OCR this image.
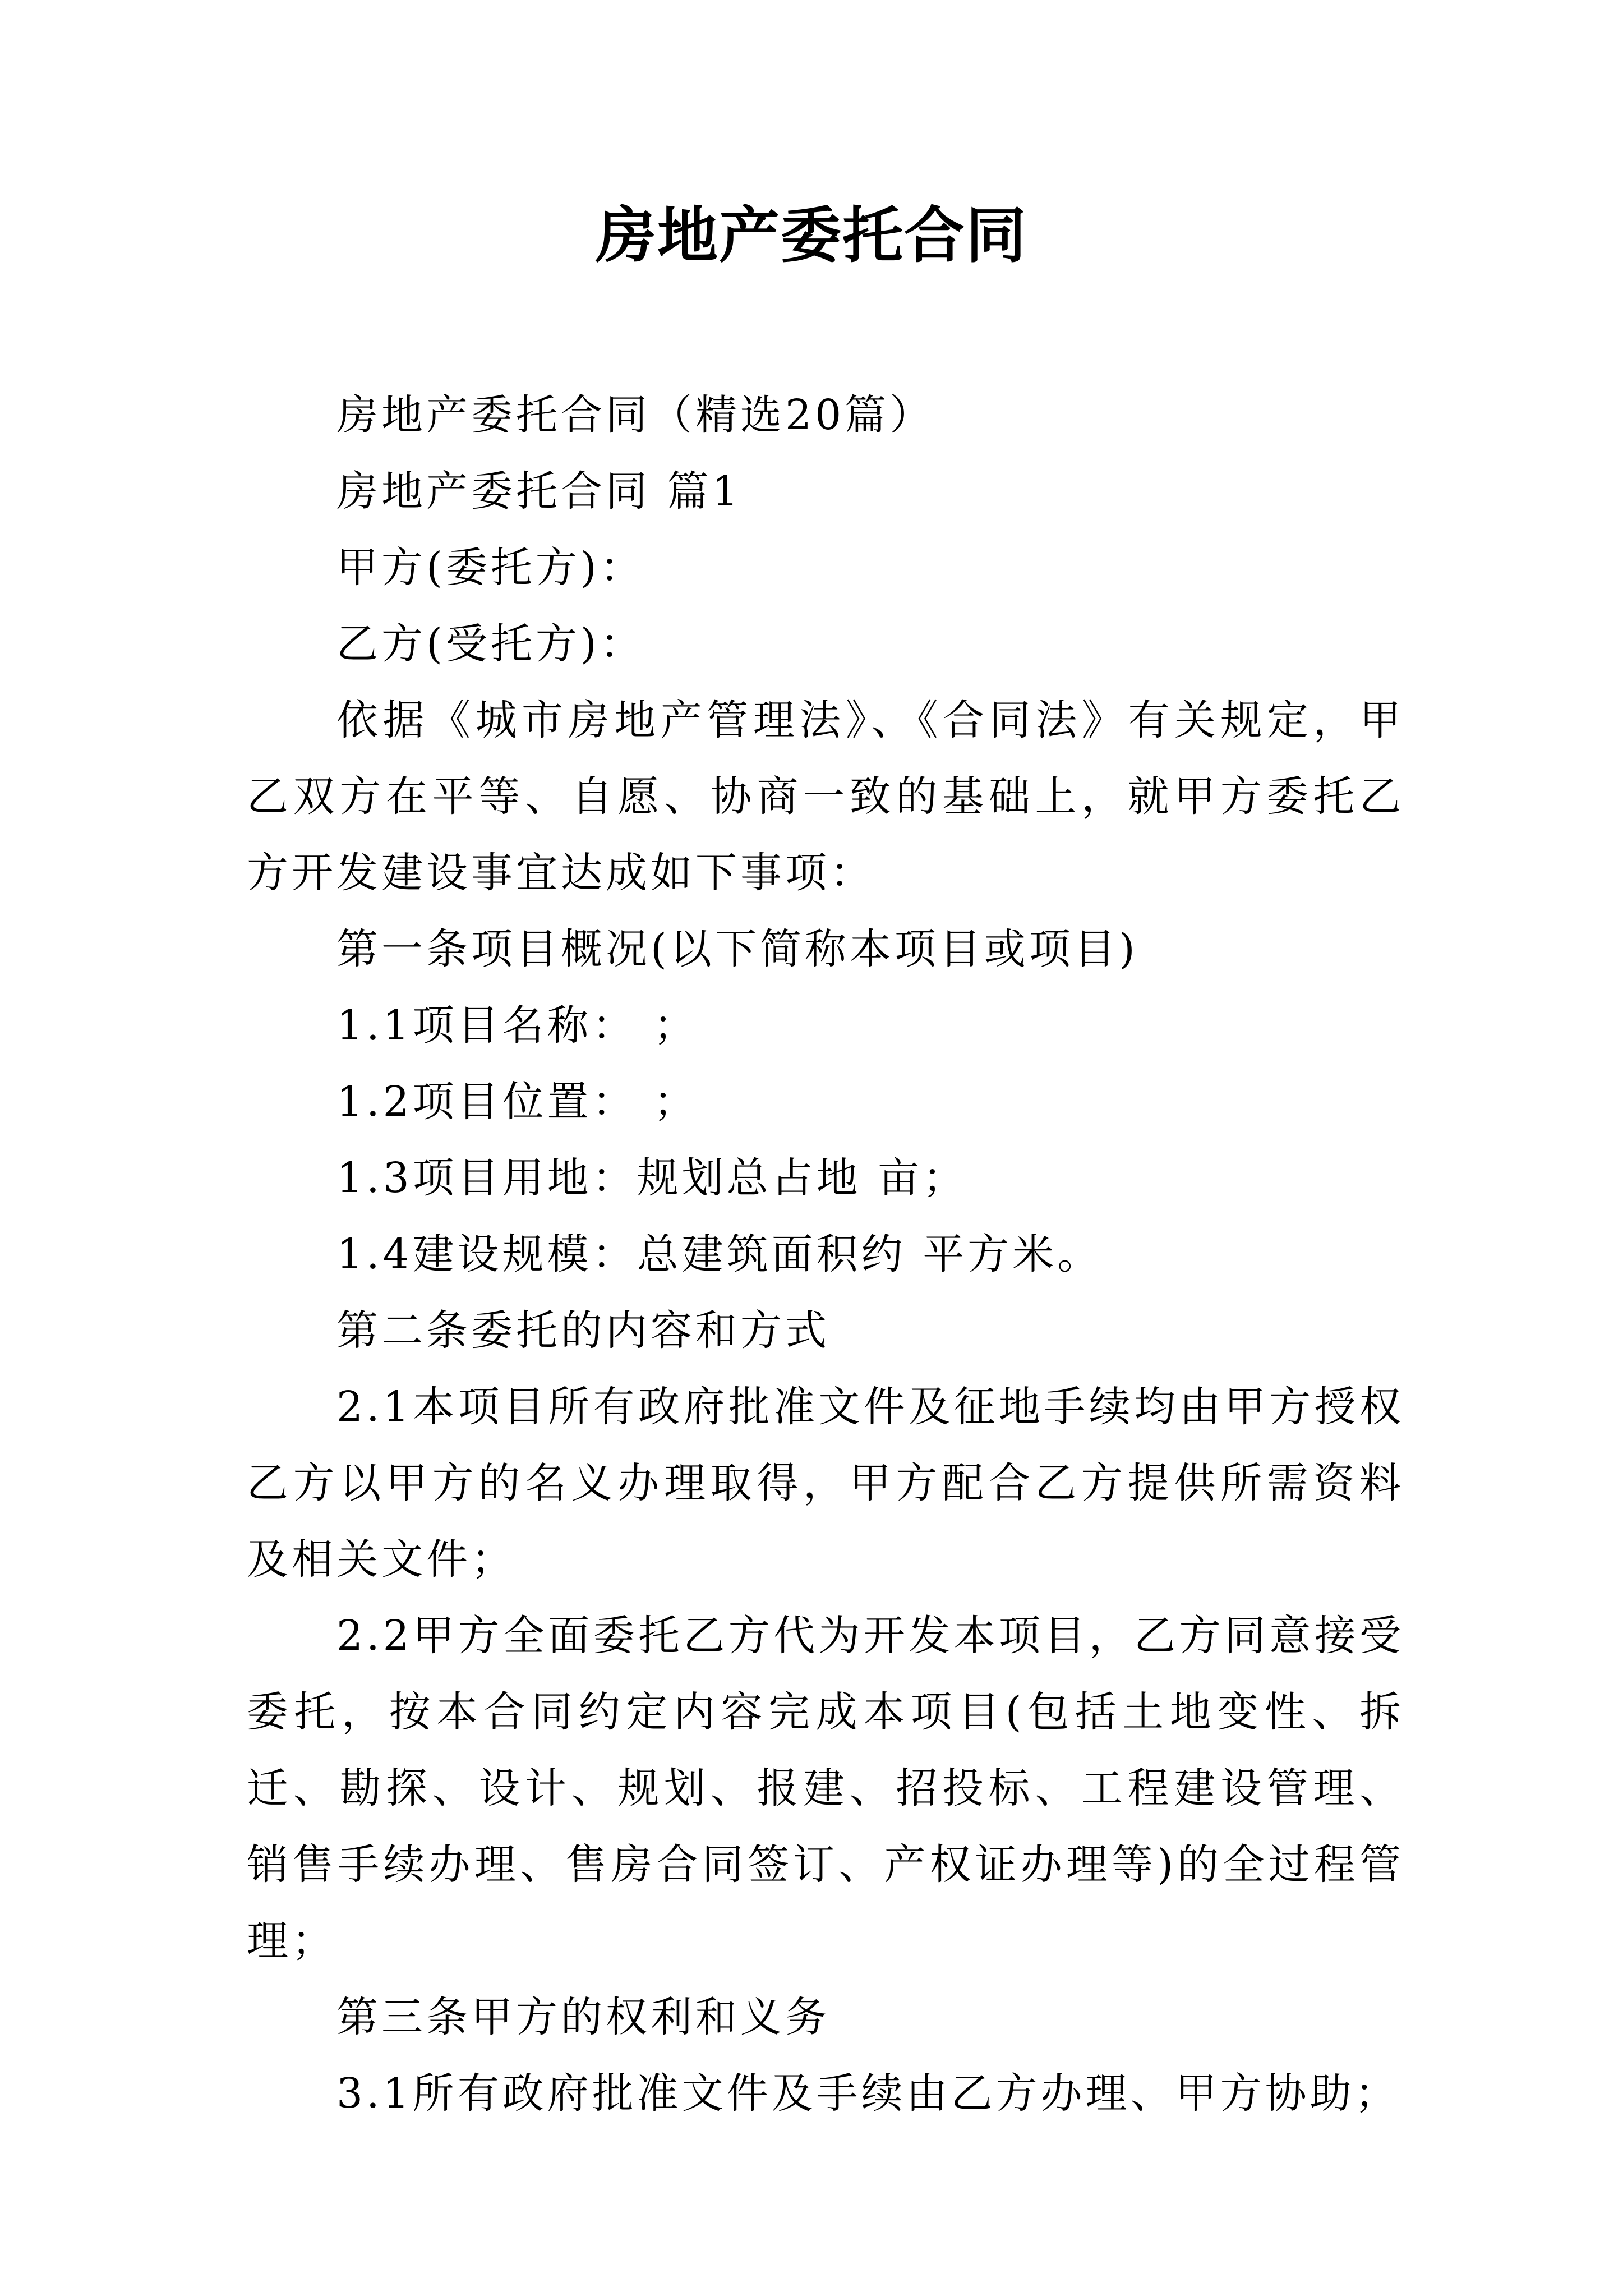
房地产委托合同

房地产委托合同（精选20篇）

房地产委托合同 篇1

甲方(委托方)：

乙方(受托方)：

依据《城市房地产管理法》、《合同法》有关规定，甲乙双方在平等、自愿、协商一致的基础上，就甲方委托乙方开发建设事宜达成如下事项：

第一条项目概况(以下简称本项目或项目)

1.1项目名称： ；

1.2项目位置： ；

1.3项目用地：规划总占地 亩；

1.4建设规模：总建筑面积约 平方米。

第二条委托的内容和方式

2.1本项目所有政府批准文件及征地手续均由甲方授权乙方以甲方的名义办理取得，甲方配合乙方提供所需资料及相关文件；

2.2甲方全面委托乙方代为开发本项目，乙方同意接受委托，按本合同约定内容完成本项目(包括土地变性、拆迁、勘探、设计、规划、报建、招投标、工程建设管理、销售手续办理、售房合同签订、产权证办理等)的全过程管理；

第三条甲方的权利和义务

3.1所有政府批准文件及手续由乙方办理、甲方协助；
